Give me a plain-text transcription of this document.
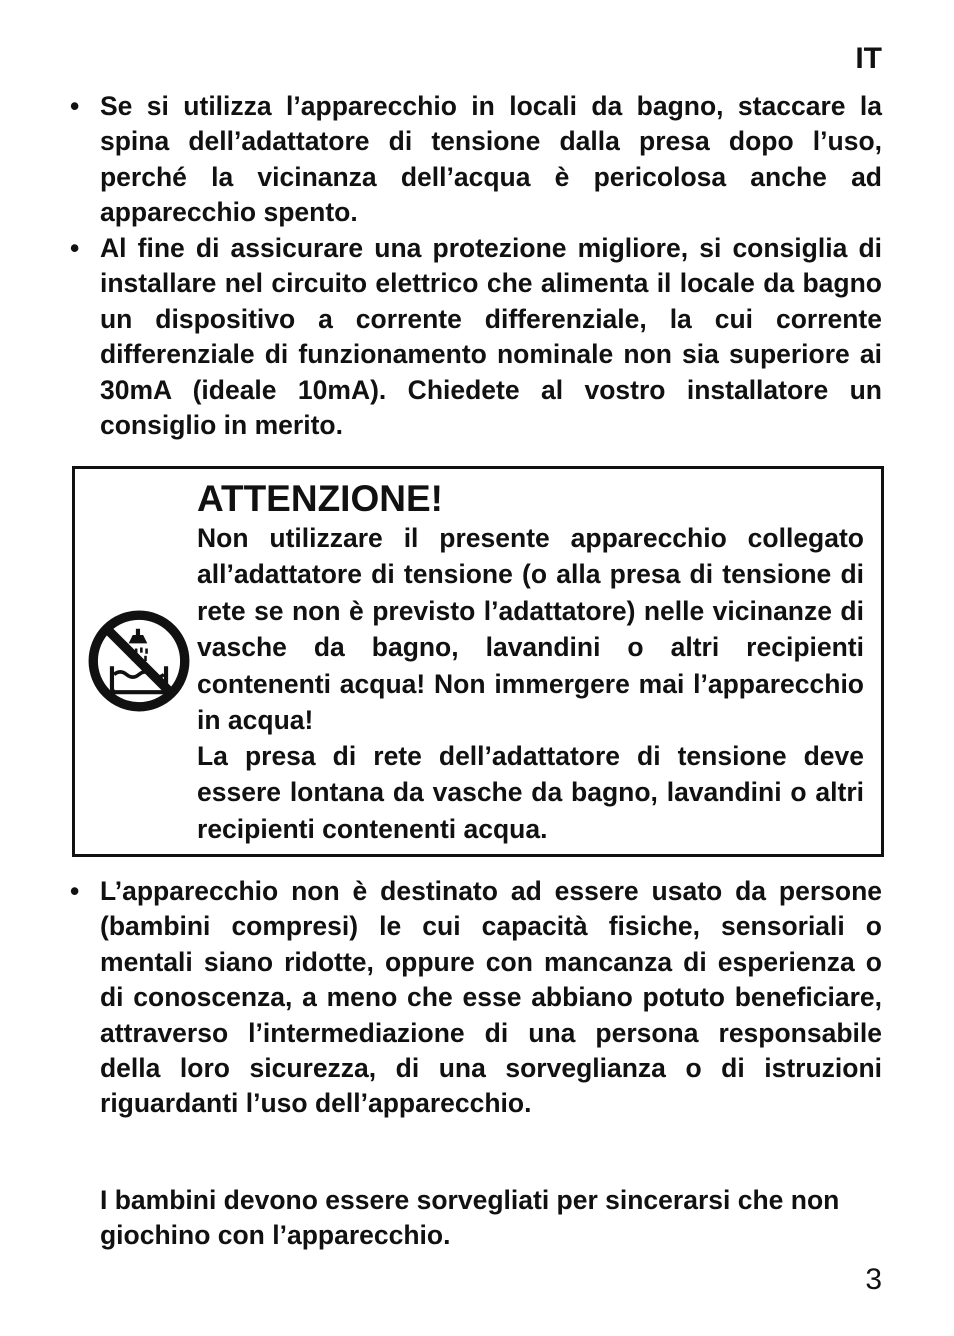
IT
• Se si utilizza l’apparecchio in locali da bagno, staccare la spina dell’adattatore di tensione dalla presa dopo l’uso, perché la vicinanza dell’acqua è pericolosa anche ad apparecchio spento.
• Al fine di assicurare una protezione migliore, si consiglia di installare nel circuito elettrico che alimenta il locale da bagno un dispositivo a corrente differenziale, la cui corrente differenziale di funzionamento nominale non sia superiore ai 30mA (ideale 10mA). Chiedete al vostro installatore un consiglio in merito.
ATTENZIONE!
Non utilizzare il presente apparecchio collegato all’adattatore di tensione (o alla presa di tensione di rete se non è previsto l’adattatore) nelle vicinanze di vasche da bagno, lavandini o altri recipienti contenenti acqua! Non immergere mai l’apparecchio in acqua!
La presa di rete dell’adattatore di tensione deve essere lontana da vasche da bagno, lavandini o altri recipienti contenenti acqua.
• L’apparecchio non è destinato ad essere usato da persone (bambini compresi) le cui capacità fisiche, sensoriali o mentali siano ridotte, oppure con mancanza di esperienza o di conoscenza, a meno che esse abbiano potuto beneficiare, attraverso l’intermediazione di una persona responsabile della loro sicurezza, di una sorveglianza o di istruzioni riguardanti l’uso dell’apparecchio.
I bambini devono essere sorvegliati per sincerarsi che non giochino con l’apparecchio.
3
